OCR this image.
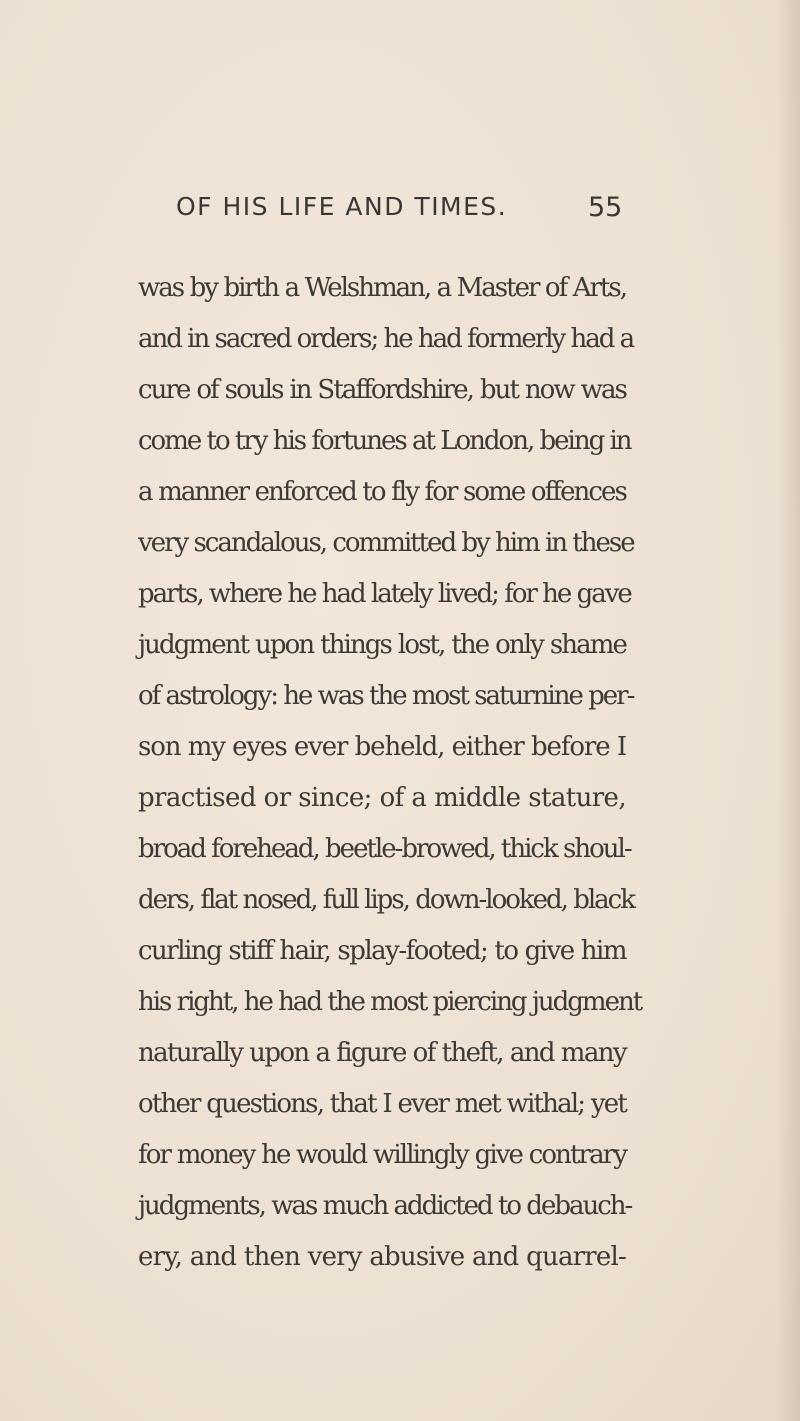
OF HIS LIFE AND TIMES.	55
was by birth a Welshman, a Master of Arts,
and in sacred orders; he had formerly had a
cure of souls in Staffordshire, but now was
come to try his fortunes at London, being in
a manner enforced to fly for some offences
very scandalous, committed by him in these
parts, where he had lately lived; for he gave
judgment upon things lost, the only shame
of astrology: he was the most saturnine per-
son my eyes ever beheld, either before I
practised or since; of a middle stature,
broad forehead, beetle-browed, thick shoul-
ders, flat nosed, full lips, down-looked, black
curling stiff hair, splay-footed; to give him
his right, he had the most piercing judgment
naturally upon a figure of theft, and many
other questions, that I ever met withal; yet
for money he would willingly give contrary
judgments, was much addicted to debauch-
ery, and then very abusive and quarrel-
